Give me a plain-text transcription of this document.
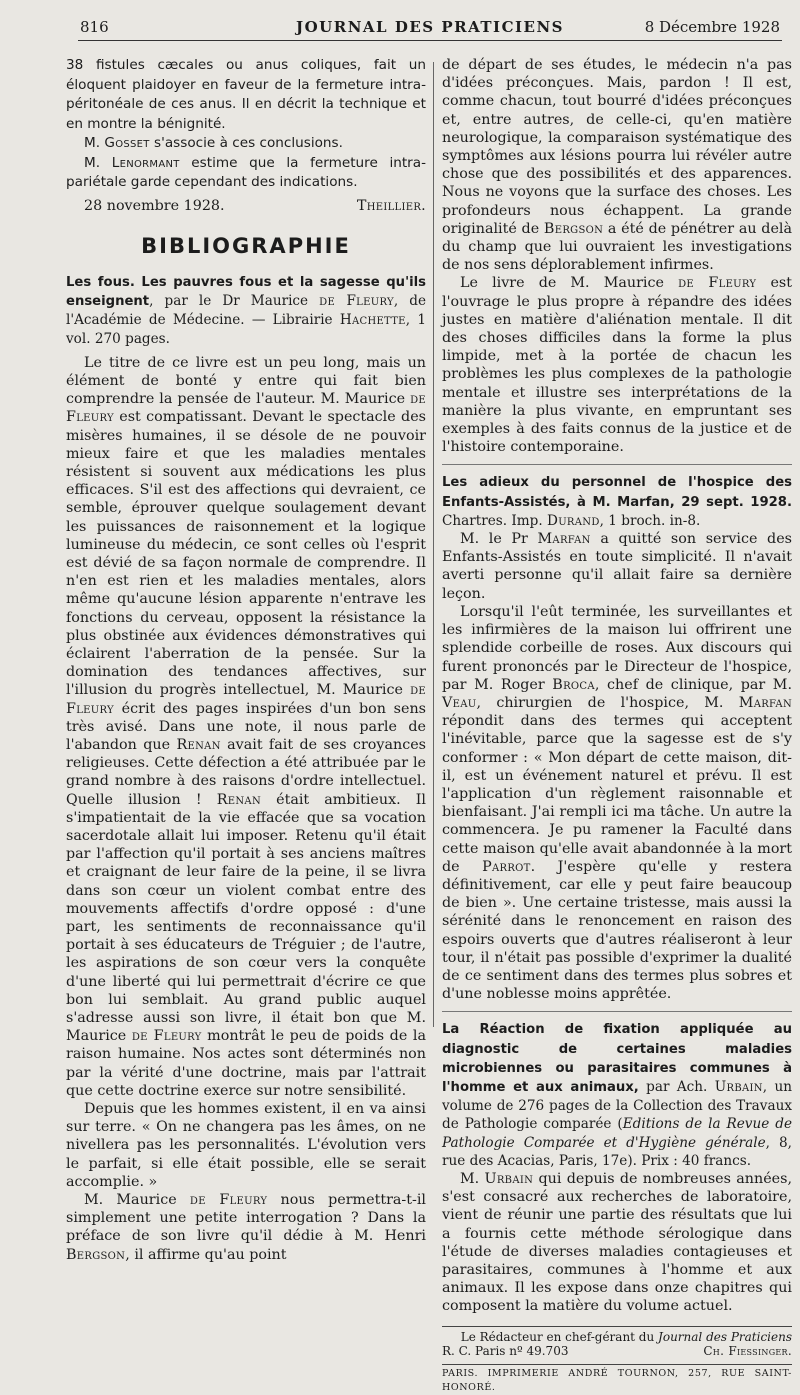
816	JOURNAL DES PRATICIENS	8 Décembre 1928

38 fistules cæcales ou anus coliques, fait un éloquent plaidoyer en faveur de la fermeture intra-péritonéale de ces anus. Il en décrit la technique et en montre la bénignité.

M. Gosset s'associe à ces conclusions.

M. Lenormant estime que la fermeture intra-pariétale garde cependant des indications.

28 novembre 1928.	Theillier.
BIBLIOGRAPHIE

Les fous. Les pauvres fous et la sagesse qu'ils enseignent, par le Dr Maurice de Fleury, de l'Académie de Médecine. — Librairie Hachette, 1 vol. 270 pages.

Le titre de ce livre est un peu long, mais un élément de bonté y entre qui fait bien comprendre la pensée de l'auteur. M. Maurice de Fleury est compatissant. Devant le spectacle des misères humaines, il se désole de ne pouvoir mieux faire et que les maladies mentales résistent si souvent aux médications les plus efficaces. S'il est des affections qui devraient, ce semble, éprouver quelque soulagement devant les puissances de raisonnement et la logique lumineuse du médecin, ce sont celles où l'esprit est dévié de sa façon normale de comprendre. Il n'en est rien et les maladies mentales, alors même qu'aucune lésion apparente n'entrave les fonctions du cerveau, opposent la résistance la plus obstinée aux évidences démonstratives qui éclairent l'aberration de la pensée. Sur la domination des tendances affectives, sur l'illusion du progrès intellectuel, M. Maurice de Fleury écrit des pages inspirées d'un bon sens très avisé. Dans une note, il nous parle de l'abandon que Renan avait fait de ses croyances religieuses. Cette défection a été attribuée par le grand nombre à des raisons d'ordre intellectuel. Quelle illusion ! Renan était ambitieux. Il s'impatientait de la vie effacée que sa vocation sacerdotale allait lui imposer. Retenu qu'il était par l'affection qu'il portait à ses anciens maîtres et craignant de leur faire de la peine, il se livra dans son cœur un violent combat entre des mouvements affectifs d'ordre opposé : d'une part, les sentiments de reconnaissance qu'il portait à ses éducateurs de Tréguier ; de l'autre, les aspirations de son cœur vers la conquête d'une liberté qui lui permettrait d'écrire ce que bon lui semblait. Au grand public auquel s'adresse aussi son livre, il était bon que M. Maurice de Fleury montrât le peu de poids de la raison humaine. Nos actes sont déterminés non par la vérité d'une doctrine, mais par l'attrait que cette doctrine exerce sur notre sensibilité.

Depuis que les hommes existent, il en va ainsi sur terre. « On ne changera pas les âmes, on ne nivellera pas les personnalités. L'évolution vers le parfait, si elle était possible, elle se serait accomplie. »

M. Maurice de Fleury nous permettra-t-il simplement une petite interrogation ? Dans la préface de son livre qu'il dédie à M. Henri Bergson, il affirme qu'au point

de départ de ses études, le médecin n'a pas d'idées préconçues. Mais, pardon ! Il est, comme chacun, tout bourré d'idées préconçues et, entre autres, de celle-ci, qu'en matière neurologique, la comparaison systématique des symptômes aux lésions pourra lui révéler autre chose que des possibilités et des apparences. Nous ne voyons que la surface des choses. Les profondeurs nous échappent. La grande originalité de Bergson a été de pénétrer au delà du champ que lui ouvraient les investigations de nos sens déplorablement infirmes.

Le livre de M. Maurice de Fleury est l'ouvrage le plus propre à répandre des idées justes en matière d'aliénation mentale. Il dit des choses difficiles dans la forme la plus limpide, met à la portée de chacun les problèmes les plus complexes de la pathologie mentale et illustre ses interprétations de la manière la plus vivante, en empruntant ses exemples à des faits connus de la justice et de l'histoire contemporaine.

Les adieux du personnel de l'hospice des Enfants-Assistés, à M. Marfan, 29 sept. 1928. Chartres. Imp. Durand, 1 broch. in-8.

M. le Pr Marfan a quitté son service des Enfants-Assistés en toute simplicité. Il n'avait averti personne qu'il allait faire sa dernière leçon.

Lorsqu'il l'eût terminée, les surveillantes et les infirmières de la maison lui offrirent une splendide corbeille de roses. Aux discours qui furent prononcés par le Directeur de l'hospice, par M. Roger Broca, chef de clinique, par M. Veau, chirurgien de l'hospice, M. Marfan répondit dans des termes qui acceptent l'inévitable, parce que la sagesse est de s'y conformer : « Mon départ de cette maison, dit-il, est un événement naturel et prévu. Il est l'application d'un règlement raisonnable et bienfaisant. J'ai rempli ici ma tâche. Un autre la commencera. Je pu ramener la Faculté dans cette maison qu'elle avait abandonnée à la mort de Parrot. J'espère qu'elle y restera définitivement, car elle y peut faire beaucoup de bien ». Une certaine tristesse, mais aussi la sérénité dans le renoncement en raison des espoirs ouverts que d'autres réaliseront à leur tour, il n'était pas possible d'exprimer la dualité de ce sentiment dans des termes plus sobres et d'une noblesse moins apprêtée.

La Réaction de fixation appliquée au diagnostic de certaines maladies microbiennes ou parasitaires communes à l'homme et aux animaux, par Ach. Urbain, un volume de 276 pages de la Collection des Travaux de Pathologie comparée (Editions de la Revue de Pathologie Comparée et d'Hygiène générale, 8, rue des Acacias, Paris, 17e). Prix : 40 francs.

M. Urbain qui depuis de nombreuses années, s'est consacré aux recherches de laboratoire, vient de réunir une partie des résultats que lui a fournis cette méthode sérologique dans l'étude de diverses maladies contagieuses et parasitaires, communes à l'homme et aux animaux. Il les expose dans onze chapitres qui composent la matière du volume actuel.

Le Rédacteur en chef-gérant du Journal des Praticiens
R. C. Paris nº 49.703	Ch. Fiessinger.
PARIS. IMPRIMERIE ANDRÉ TOURNON, 257, RUE SAINT-HONORÉ.
